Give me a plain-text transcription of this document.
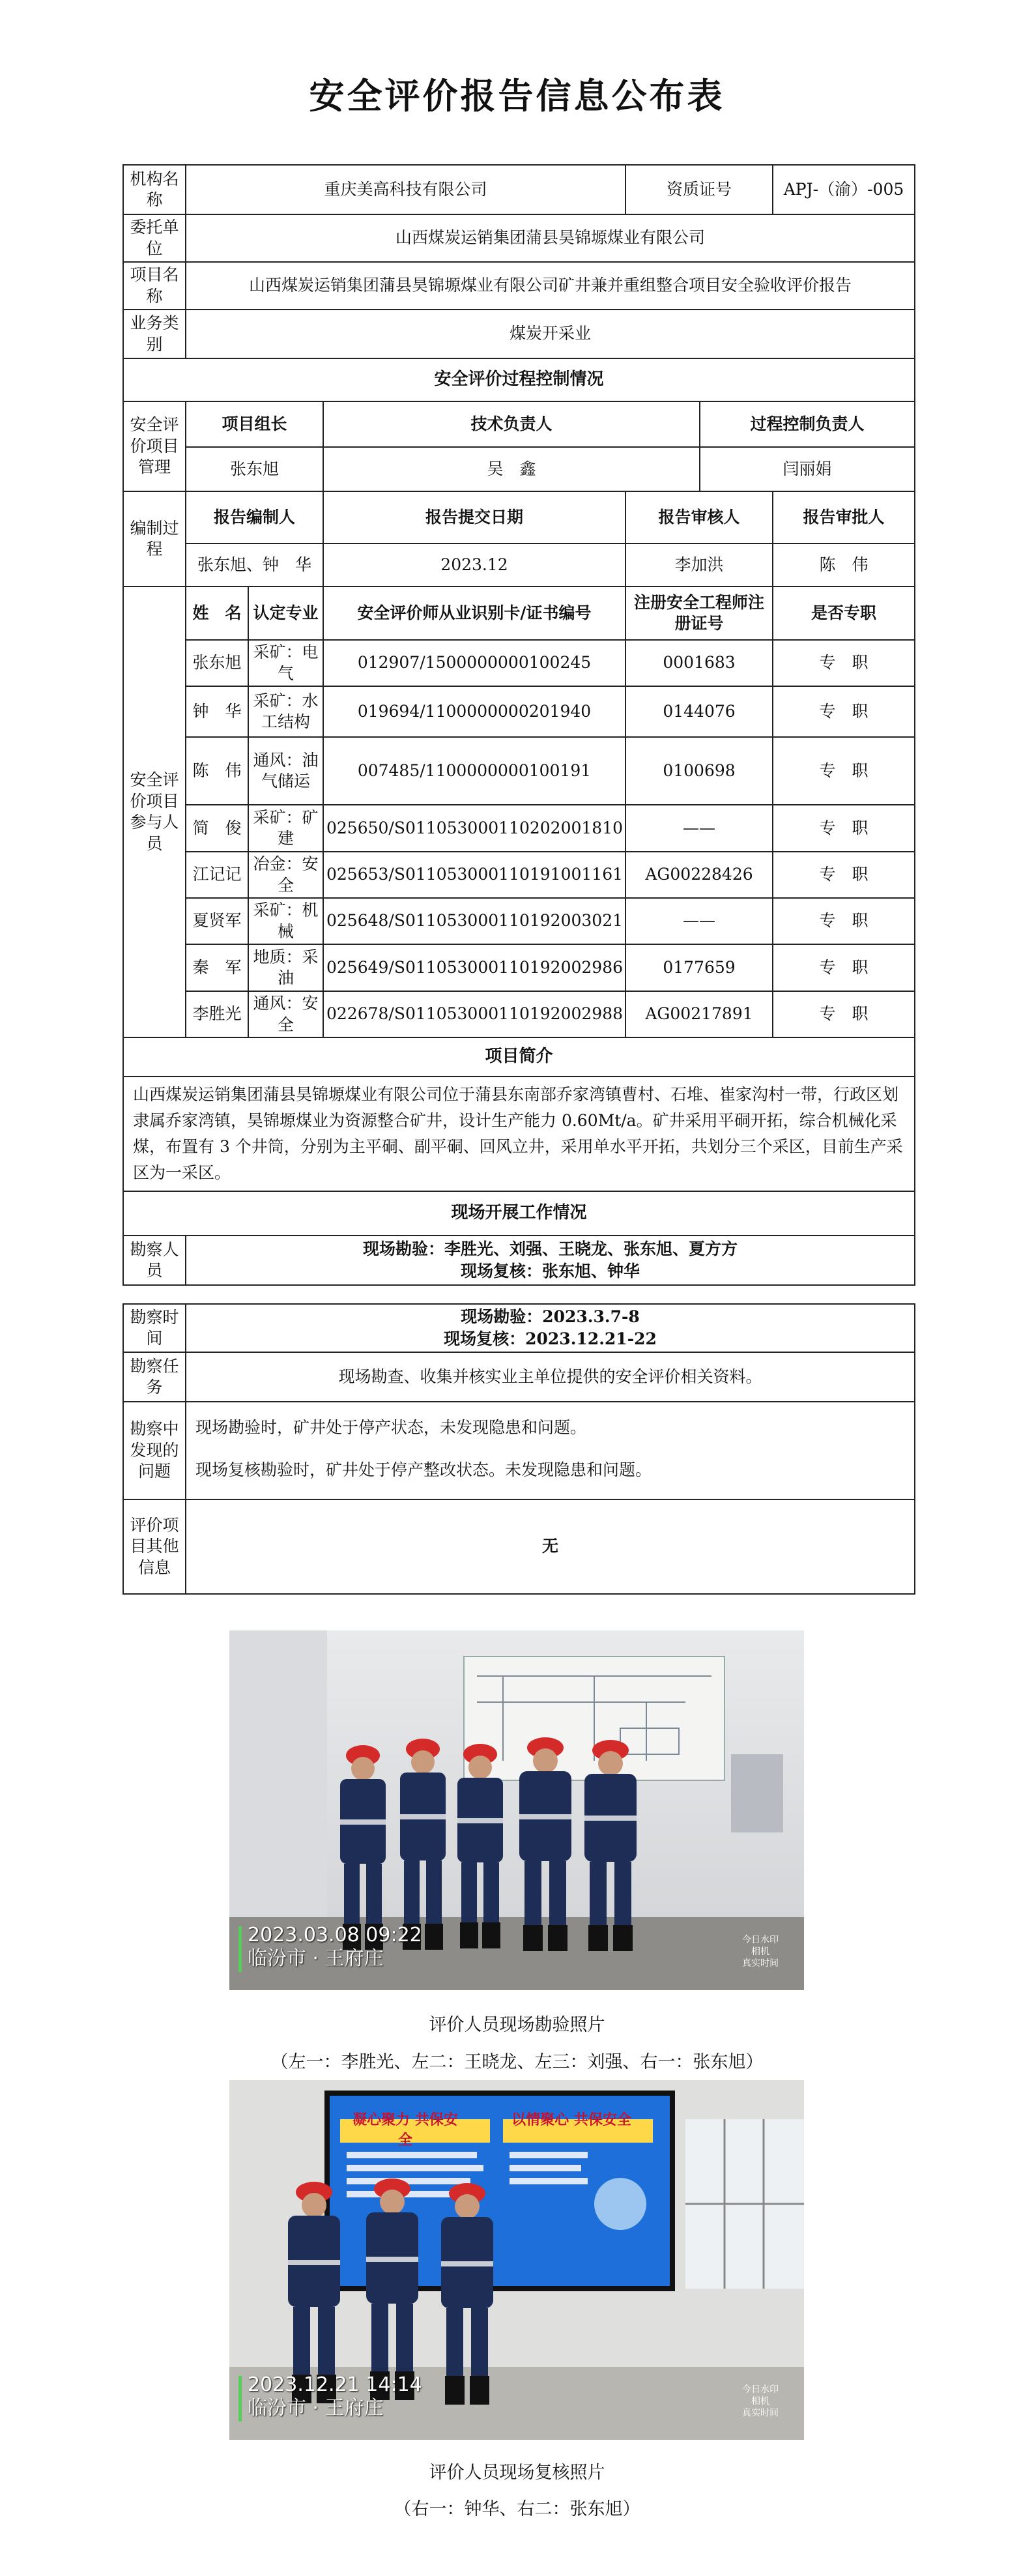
安全评价报告信息公布表
机构名称	重庆美高科技有限公司			资质证号		APJ-（渝）-005
委托单位	山西煤炭运销集团蒲县昊锦塬煤业有限公司					
项目名称	山西煤炭运销集团蒲县昊锦塬煤业有限公司矿井兼并重组整合项目安全验收评价报告					
业务类别	煤炭开采业					
安全评价过程控制情况						
安全评价项目管理	项目组长		技术负责人		过程控制负责人	
	张东旭		吴　鑫		闫丽娟	
编制过程	报告编制人		报告提交日期	报告审核人		报告审批人
	张东旭、钟　华		2023.12	李加洪		陈　伟
安全评价项目参与人员	姓　名	认定专业	安全评价师从业识别卡/证书编号	注册安全工程师注册证号		是否专职
	张东旭	采矿：电气	012907/1500000000100245	0001683		专　职
	钟　华	采矿：水工结构	019694/1100000000201940	0144076		专　职
	陈　伟	通风：油气储运	007485/1100000000100191	0100698		专　职
	简　俊	采矿：矿建	025650/S011053000110202001810	——		专　职
	江记记	冶金：安全	025653/S011053000110191001161	AG00228426		专　职
	夏贤军	采矿：机械	025648/S011053000110192003021	——		专　职
	秦　军	地质：采油	025649/S011053000110192002986	0177659		专　职
	李胜光	通风：安全	022678/S011053000110192002988	AG00217891		专　职
项目简介						
山西煤炭运销集团蒲县昊锦塬煤业有限公司位于蒲县东南部乔家湾镇曹村、石堆、崔家沟村一带，行政区划隶属乔家湾镇，昊锦塬煤业为资源整合矿井，设计生产能力 0.60Mt/a。矿井采用平硐开拓，综合机械化采煤，布置有 3 个井筒，分别为主平硐、副平硐、回风立井，采用单水平开拓，共划分三个采区，目前生产采区为一采区。						
现场开展工作情况						
勘察人员	现场勘验：李胜光、刘强、王晓龙、张东旭、夏方方
现场复核：张东旭、钟华					
勘察时间	现场勘验：2023.3.7-8
现场复核：2023.12.21-22

勘察任务	现场勘查、收集并核实业主单位提供的安全评价相关资料。
勘察中发现的问题	现场勘验时，矿井处于停产状态，未发现隐患和问题。
现场复核勘验时，矿井处于停产整改状态。未发现隐患和问题。

评价项目其他信息	无
2023.03.08 09:22
临汾市 · 王府庄
今日水印
相机
真实时间
评价人员现场勘验照片
（左一：李胜光、左二：王晓龙、左三：刘强、右一：张东旭）
凝心聚力 共保安全
以情聚心 共保安全
2023.12.21 14:14
临汾市 · 王府庄
今日水印
相机
真实时间
评价人员现场复核照片
（右一：钟华、右二：张东旭）
